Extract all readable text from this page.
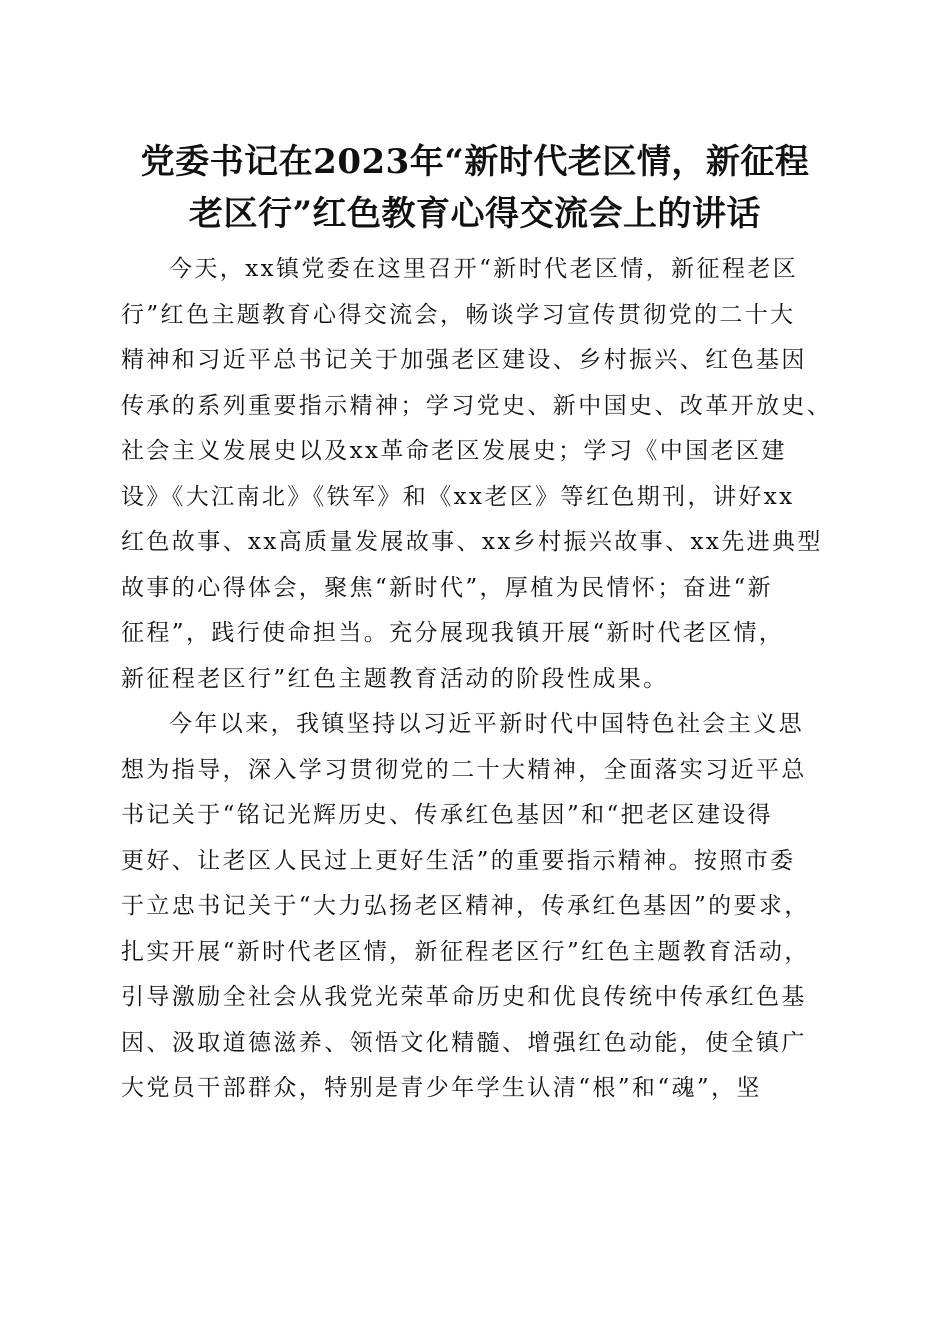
党委书记在2023年“新时代老区情，新征程
老区行”红色教育心得交流会上的讲话
今天，xx镇党委在这里召开“新时代老区情，新征程老区
行”红色主题教育心得交流会，畅谈学习宣传贯彻党的二十大
精神和习近平总书记关于加强老区建设、乡村振兴、红色基因
传承的系列重要指示精神；学习党史、新中国史、改革开放史、
社会主义发展史以及xx革命老区发展史；学习《中国老区建
设》《大江南北》《铁军》和《xx老区》等红色期刊，讲好xx
红色故事、xx高质量发展故事、xx乡村振兴故事、xx先进典型
故事的心得体会，聚焦“新时代”，厚植为民情怀；奋进“新
征程”，践行使命担当。充分展现我镇开展“新时代老区情，
新征程老区行”红色主题教育活动的阶段性成果。
今年以来，我镇坚持以习近平新时代中国特色社会主义思
想为指导，深入学习贯彻党的二十大精神，全面落实习近平总
书记关于“铭记光辉历史、传承红色基因”和“把老区建设得
更好、让老区人民过上更好生活”的重要指示精神。按照市委
于立忠书记关于“大力弘扬老区精神，传承红色基因”的要求，
扎实开展“新时代老区情，新征程老区行”红色主题教育活动，
引导激励全社会从我党光荣革命历史和优良传统中传承红色基
因、汲取道德滋养、领悟文化精髓、增强红色动能，使全镇广
大党员干部群众，特别是青少年学生认清“根”和“魂”，坚
